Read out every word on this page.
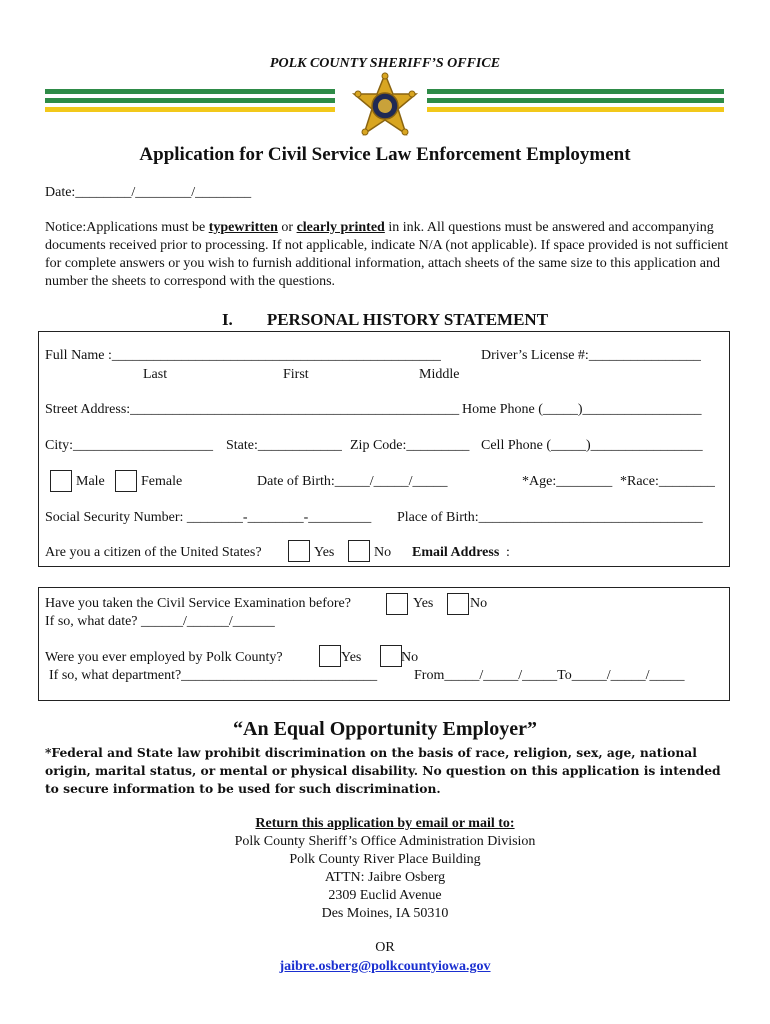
POLK COUNTY SHERIFF’S OFFICE
Application for Civil Service Law Enforcement Employment
Date:________/________/________
Notice:Applications must be typewritten or clearly printed in ink. All questions must be answered and accompanying documents received prior to processing. If not applicable, indicate N/A (not applicable). If space provided is not sufficient for complete answers or you wish to furnish additional information, attach sheets of the same size to this application and number the sheets to correspond with the questions.
I. PERSONAL HISTORY STATEMENT
Full Name :_______________________________________________	Driver’s License #:________________
Last	First	Middle
Street Address:_______________________________________________ Home Phone (_____)_________________
City:____________________ State:____________ Zip Code:_________ Cell Phone (_____)________________
Male	Female	Date of Birth:_____/_____/_____	*Age:________ *Race:________
Social Security Number: ________-________-_________ Place of Birth:________________________________
Are you a citizen of the United States?	Yes	No Email Address :
Have you taken the Civil Service Examination before?	Yes	No
If so, what date? ______/______/______
Were you ever employed by Polk County?	Yes	No
If so, what department?____________________________	From_____/_____/_____To_____/_____/_____
“An Equal Opportunity Employer”
*Federal and State law prohibit discrimination on the basis of race, religion, sex, age, national origin, marital status, or mental or physical disability. No question on this application is intended to secure information to be used for such discrimination.
Return this application by email or mail to:
Polk County Sheriff’s Office Administration Division
Polk County River Place Building
ATTN: Jaibre Osberg
2309 Euclid Avenue
Des Moines, IA 50310
OR
jaibre.osberg@polkcountyiowa.gov
